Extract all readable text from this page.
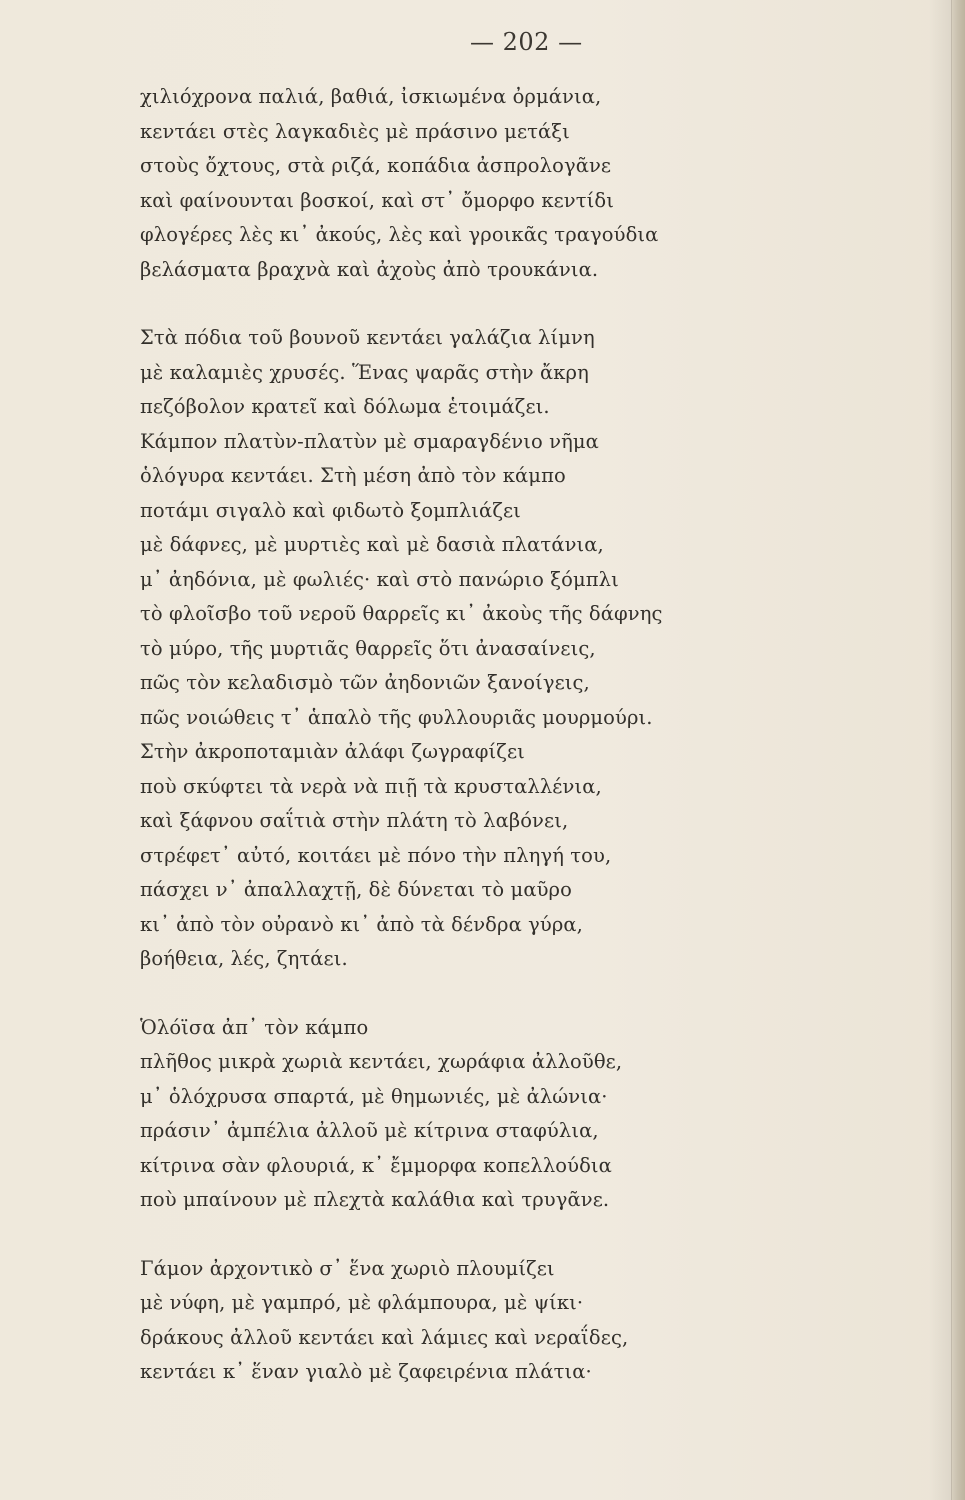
— 202 —
χιλιόχρονα παλιά, βαθιά, ἰσκιωμένα ὀρμάνια,
κεντάει στὲς λαγκαδιὲς μὲ πράσινο μετάξι
στοὺς ὄχτους, στὰ ριζά, κοπάδια ἀσπρολογᾶνε
καὶ φαίνουνται βοσκοί, καὶ στ᾽ ὄμορφο κεντίδι
φλογέρες λὲς κι᾽ ἀκούς, λὲς καὶ γροικᾶς τραγούδια
βελάσματα βραχνὰ καὶ ἀχοὺς ἀπὸ τρουκάνια.
Στὰ πόδια τοῦ βουνοῦ κεντάει γαλάζια λίμνη
μὲ καλαμιὲς χρυσές. Ἕνας ψαρᾶς στὴν ἄκρη
πεζόβολον κρατεῖ καὶ δόλωμα ἑτοιμάζει.
Κάμπον πλατὺν-πλατὺν μὲ σμαραγδένιο νῆμα
ὁλόγυρα κεντάει. Στὴ μέση ἀπὸ τὸν κάμπο
ποτάμι σιγαλὸ καὶ φιδωτὸ ξομπλιάζει
μὲ δάφνες, μὲ μυρτιὲς καὶ μὲ δασιὰ πλατάνια,
μ᾽ ἀηδόνια, μὲ φωλιές· καὶ στὸ πανώριο ξόμπλι
τὸ φλοῖσβο τοῦ νεροῦ θαρρεῖς κι᾽ ἀκοὺς τῆς δάφνης
τὸ μύρο, τῆς μυρτιᾶς θαρρεῖς ὅτι ἀνασαίνεις,
πῶς τὸν κελαδισμὸ τῶν ἀηδονιῶν ξανοίγεις,
πῶς νοιώθεις τ᾽ ἁπαλὸ τῆς φυλλουριᾶς μουρμούρι.
Στὴν ἀκροποταμιὰν ἀλάφι ζωγραφίζει
ποὺ σκύφτει τὰ νερὰ νὰ πιῇ τὰ κρυσταλλένια,
καὶ ξάφνου σαΐτιὰ στὴν πλάτη τὸ λαβόνει,
στρέφετ᾽ αὐτό, κοιτάει μὲ πόνο τὴν πληγή του,
πάσχει ν᾽ ἀπαλλαχτῇ, δὲ δύνεται τὸ μαῦρο
κι᾽ ἀπὸ τὸν οὐρανὸ κι᾽ ἀπὸ τὰ δένδρα γύρα,
βοήθεια, λές, ζητάει.
Ὁλόϊσα ἀπ᾽ τὸν κάμπο
πλῆθος μικρὰ χωριὰ κεντάει, χωράφια ἀλλοῦθε,
μ᾽ ὁλόχρυσα σπαρτά, μὲ θημωνιές, μὲ ἀλώνια·
πράσιν᾽ ἀμπέλια ἀλλοῦ μὲ κίτρινα σταφύλια,
κίτρινα σὰν φλουριά, κ᾽ ἔμμορφα κοπελλούδια
ποὺ μπαίνουν μὲ πλεχτὰ καλάθια καὶ τρυγᾶνε.
Γάμον ἀρχοντικὸ σ᾽ ἕνα χωριὸ πλουμίζει
μὲ νύφη, μὲ γαμπρό, μὲ φλάμπουρα, μὲ ψίκι·
δράκους ἀλλοῦ κεντάει καὶ λάμιες καὶ νεραΐδες,
κεντάει κ᾽ ἕναν γιαλὸ μὲ ζαφειρένια πλάτια·
